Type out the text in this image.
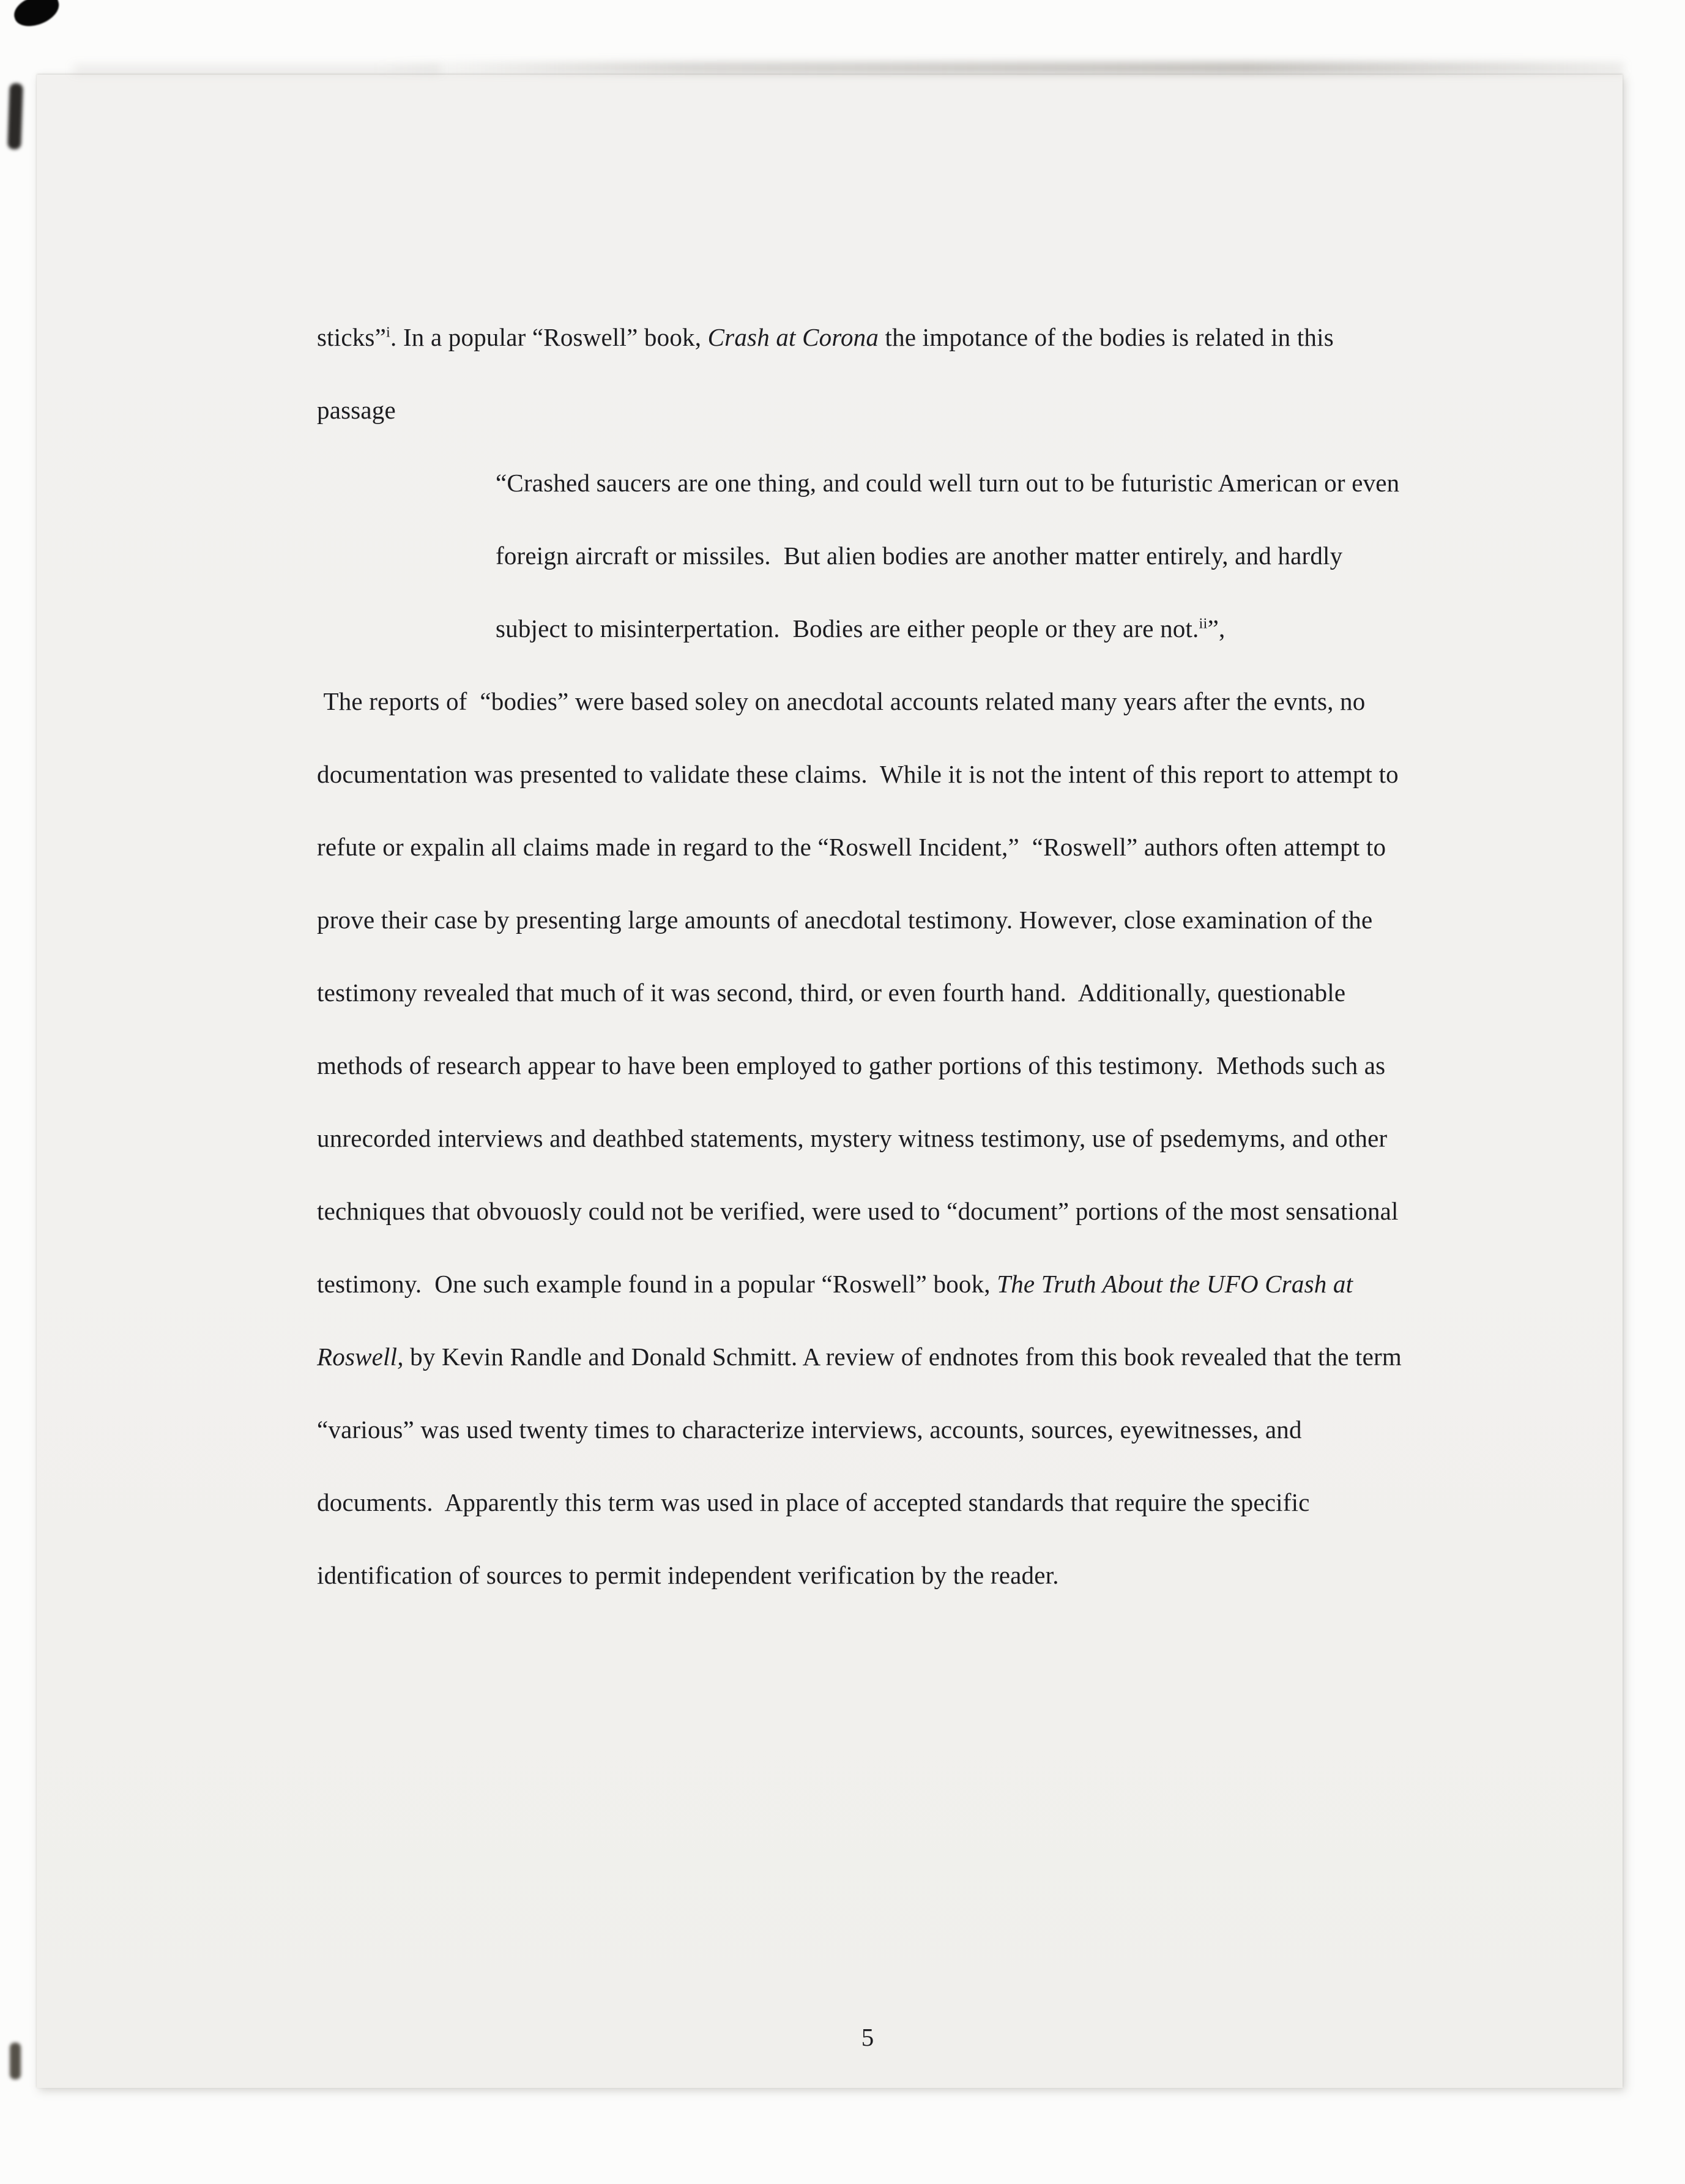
sticks”$^i$. In a popular “Roswell” book, Crash at Corona the impotance of the bodies is related in this passage

“Crashed saucers are one thing, and could well turn out to be futuristic American or even foreign aircraft or missiles.  But alien bodies are another matter entirely, and hardly subject to misinterpertation.  Bodies are either people or they are not.$^{ii}$”,

The reports of  “bodies” were based soley on anecdotal accounts related many years after the evnts, no documentation was presented to validate these claims.  While it is not the intent of this report to attempt to refute or expalin all claims made in regard to the “Roswell Incident,”  “Roswell” authors often attempt to prove their case by presenting large amounts of anecdotal testimony. However, close examination of the testimony revealed that much of it was second, third, or even fourth hand.  Additionally, questionable methods of research appear to have been employed to gather portions of this testimony.  Methods such as unrecorded interviews and deathbed statements, mystery witness testimony, use of psedemyms, and other techniques that obvouosly could not be verified, were used to “document” portions of the most sensational testimony.  One such example found in a popular “Roswell” book, The Truth About the UFO Crash at Roswell, by Kevin Randle and Donald Schmitt. A review of endnotes from this book revealed that the term “various” was used twenty times to characterize interviews, accounts, sources, eyewitnesses, and documents.  Apparently this term was used in place of accepted standards that require the specific identification of sources to permit independent verification by the reader.

5
